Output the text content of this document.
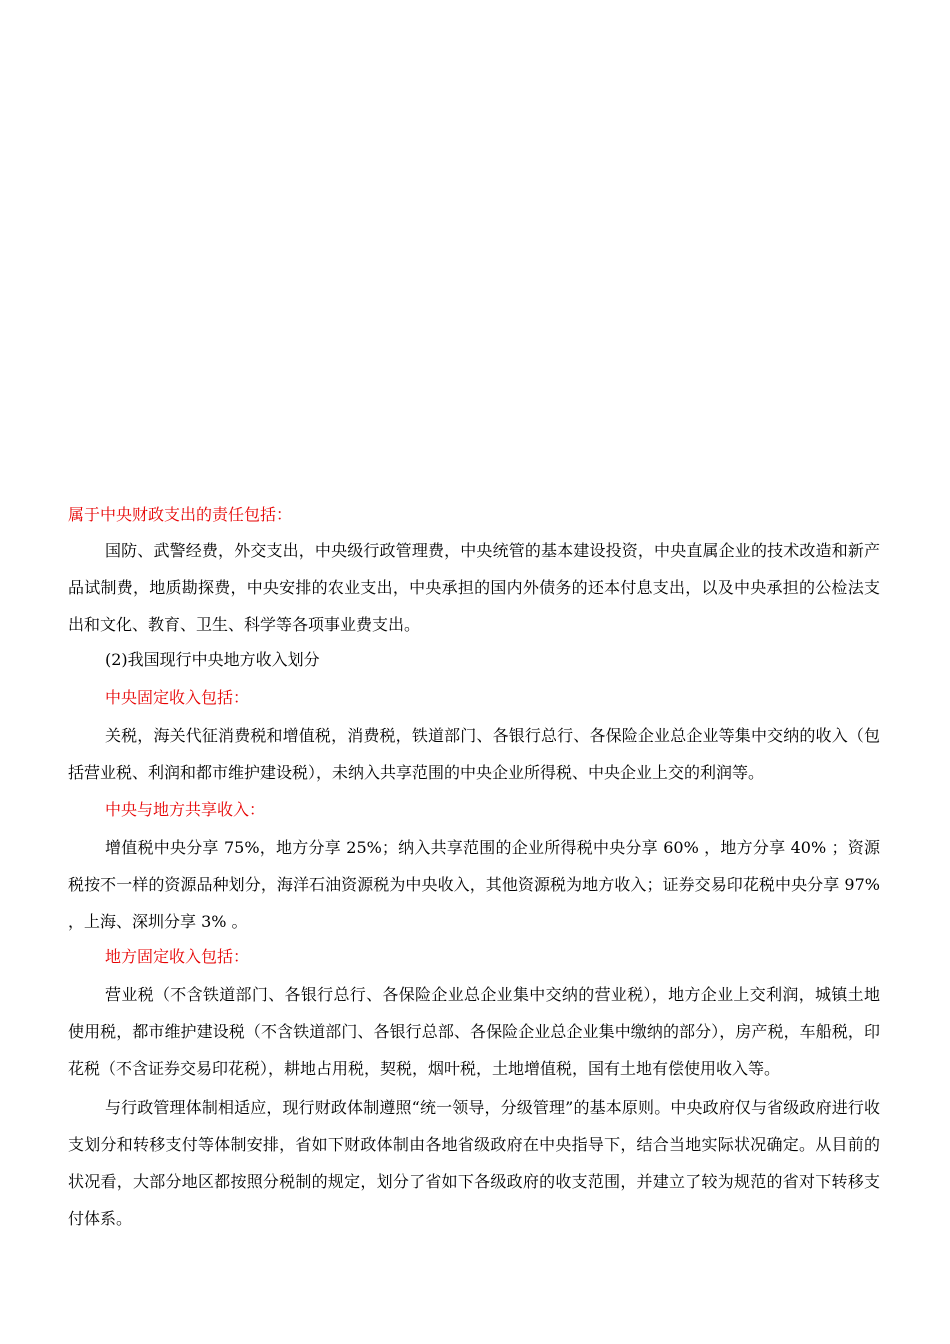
属于中央财政支出的责任包括：

国防、武警经费，外交支出，中央级行政管理费，中央统管的基本建设投资，中央直属企业的技术改造和新产品试制费，地质勘探费，中央安排的农业支出，中央承担的国内外债务的还本付息支出，以及中央承担的公检法支出和文化、教育、卫生、科学等各项事业费支出。

(2)我国现行中央地方收入划分
中央固定收入包括：

关税，海关代征消费税和增值税，消费税，铁道部门、各银行总行、各保险企业总企业等集中交纳的收入（包括营业税、利润和都市维护建设税），未纳入共享范围的中央企业所得税、中央企业上交的利润等。

中央与地方共享收入：

增值税中央分享 75%，地方分享 25%；纳入共享范围的企业所得税中央分享 60% ，地方分享 40% ；资源税按不一样的资源品种划分，海洋石油资源税为中央收入，其他资源税为地方收入；证券交易印花税中央分享 97% ，上海、深圳分享 3% 。

地方固定收入包括：

营业税（不含铁道部门、各银行总行、各保险企业总企业集中交纳的营业税），地方企业上交利润，城镇土地使用税，都市维护建设税（不含铁道部门、各银行总部、各保险企业总企业集中缴纳的部分），房产税，车船税，印花税（不含证券交易印花税），耕地占用税，契税，烟叶税，土地增值税，国有土地有偿使用收入等。

与行政管理体制相适应，现行财政体制遵照“统一领导，分级管理”的基本原则。中央政府仅与省级政府进行收支划分和转移支付等体制安排，省如下财政体制由各地省级政府在中央指导下，结合当地实际状况确定。从目前的状况看，大部分地区都按照分税制的规定，划分了省如下各级政府的收支范围，并建立了较为规范的省对下转移支付体系。
